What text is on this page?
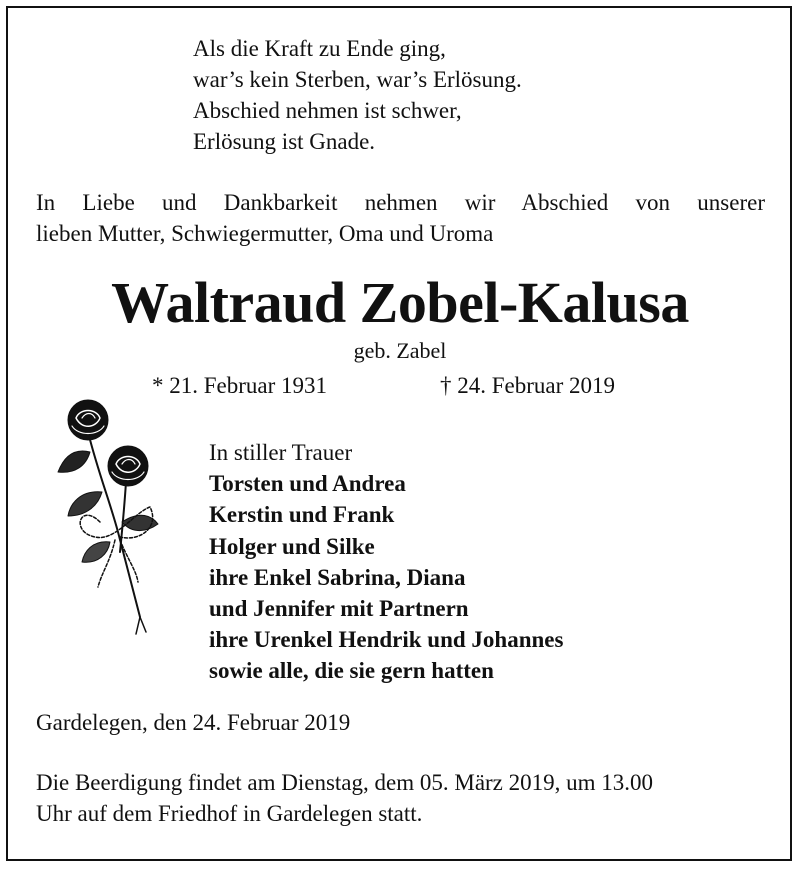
Als die Kraft zu Ende ging,
war’s kein Sterben, war’s Erlösung.
Abschied nehmen ist schwer,
Erlösung ist Gnade.
In Liebe und Dankbarkeit nehmen wir Abschied von unserer
lieben Mutter, Schwiegermutter, Oma und Uroma
Waltraud Zobel-Kalusa
geb. Zabel
* 21. Februar 1931	† 24. Februar 2019
In stiller Trauer
Torsten und Andrea
Kerstin und Frank
Holger und Silke
ihre Enkel Sabrina, Diana
und Jennifer mit Partnern
ihre Urenkel Hendrik und Johannes
sowie alle, die sie gern hatten
Gardelegen, den 24. Februar 2019
Die Beerdigung findet am Dienstag, dem 05. März 2019, um 13.00
Uhr auf dem Friedhof in Gardelegen statt.
